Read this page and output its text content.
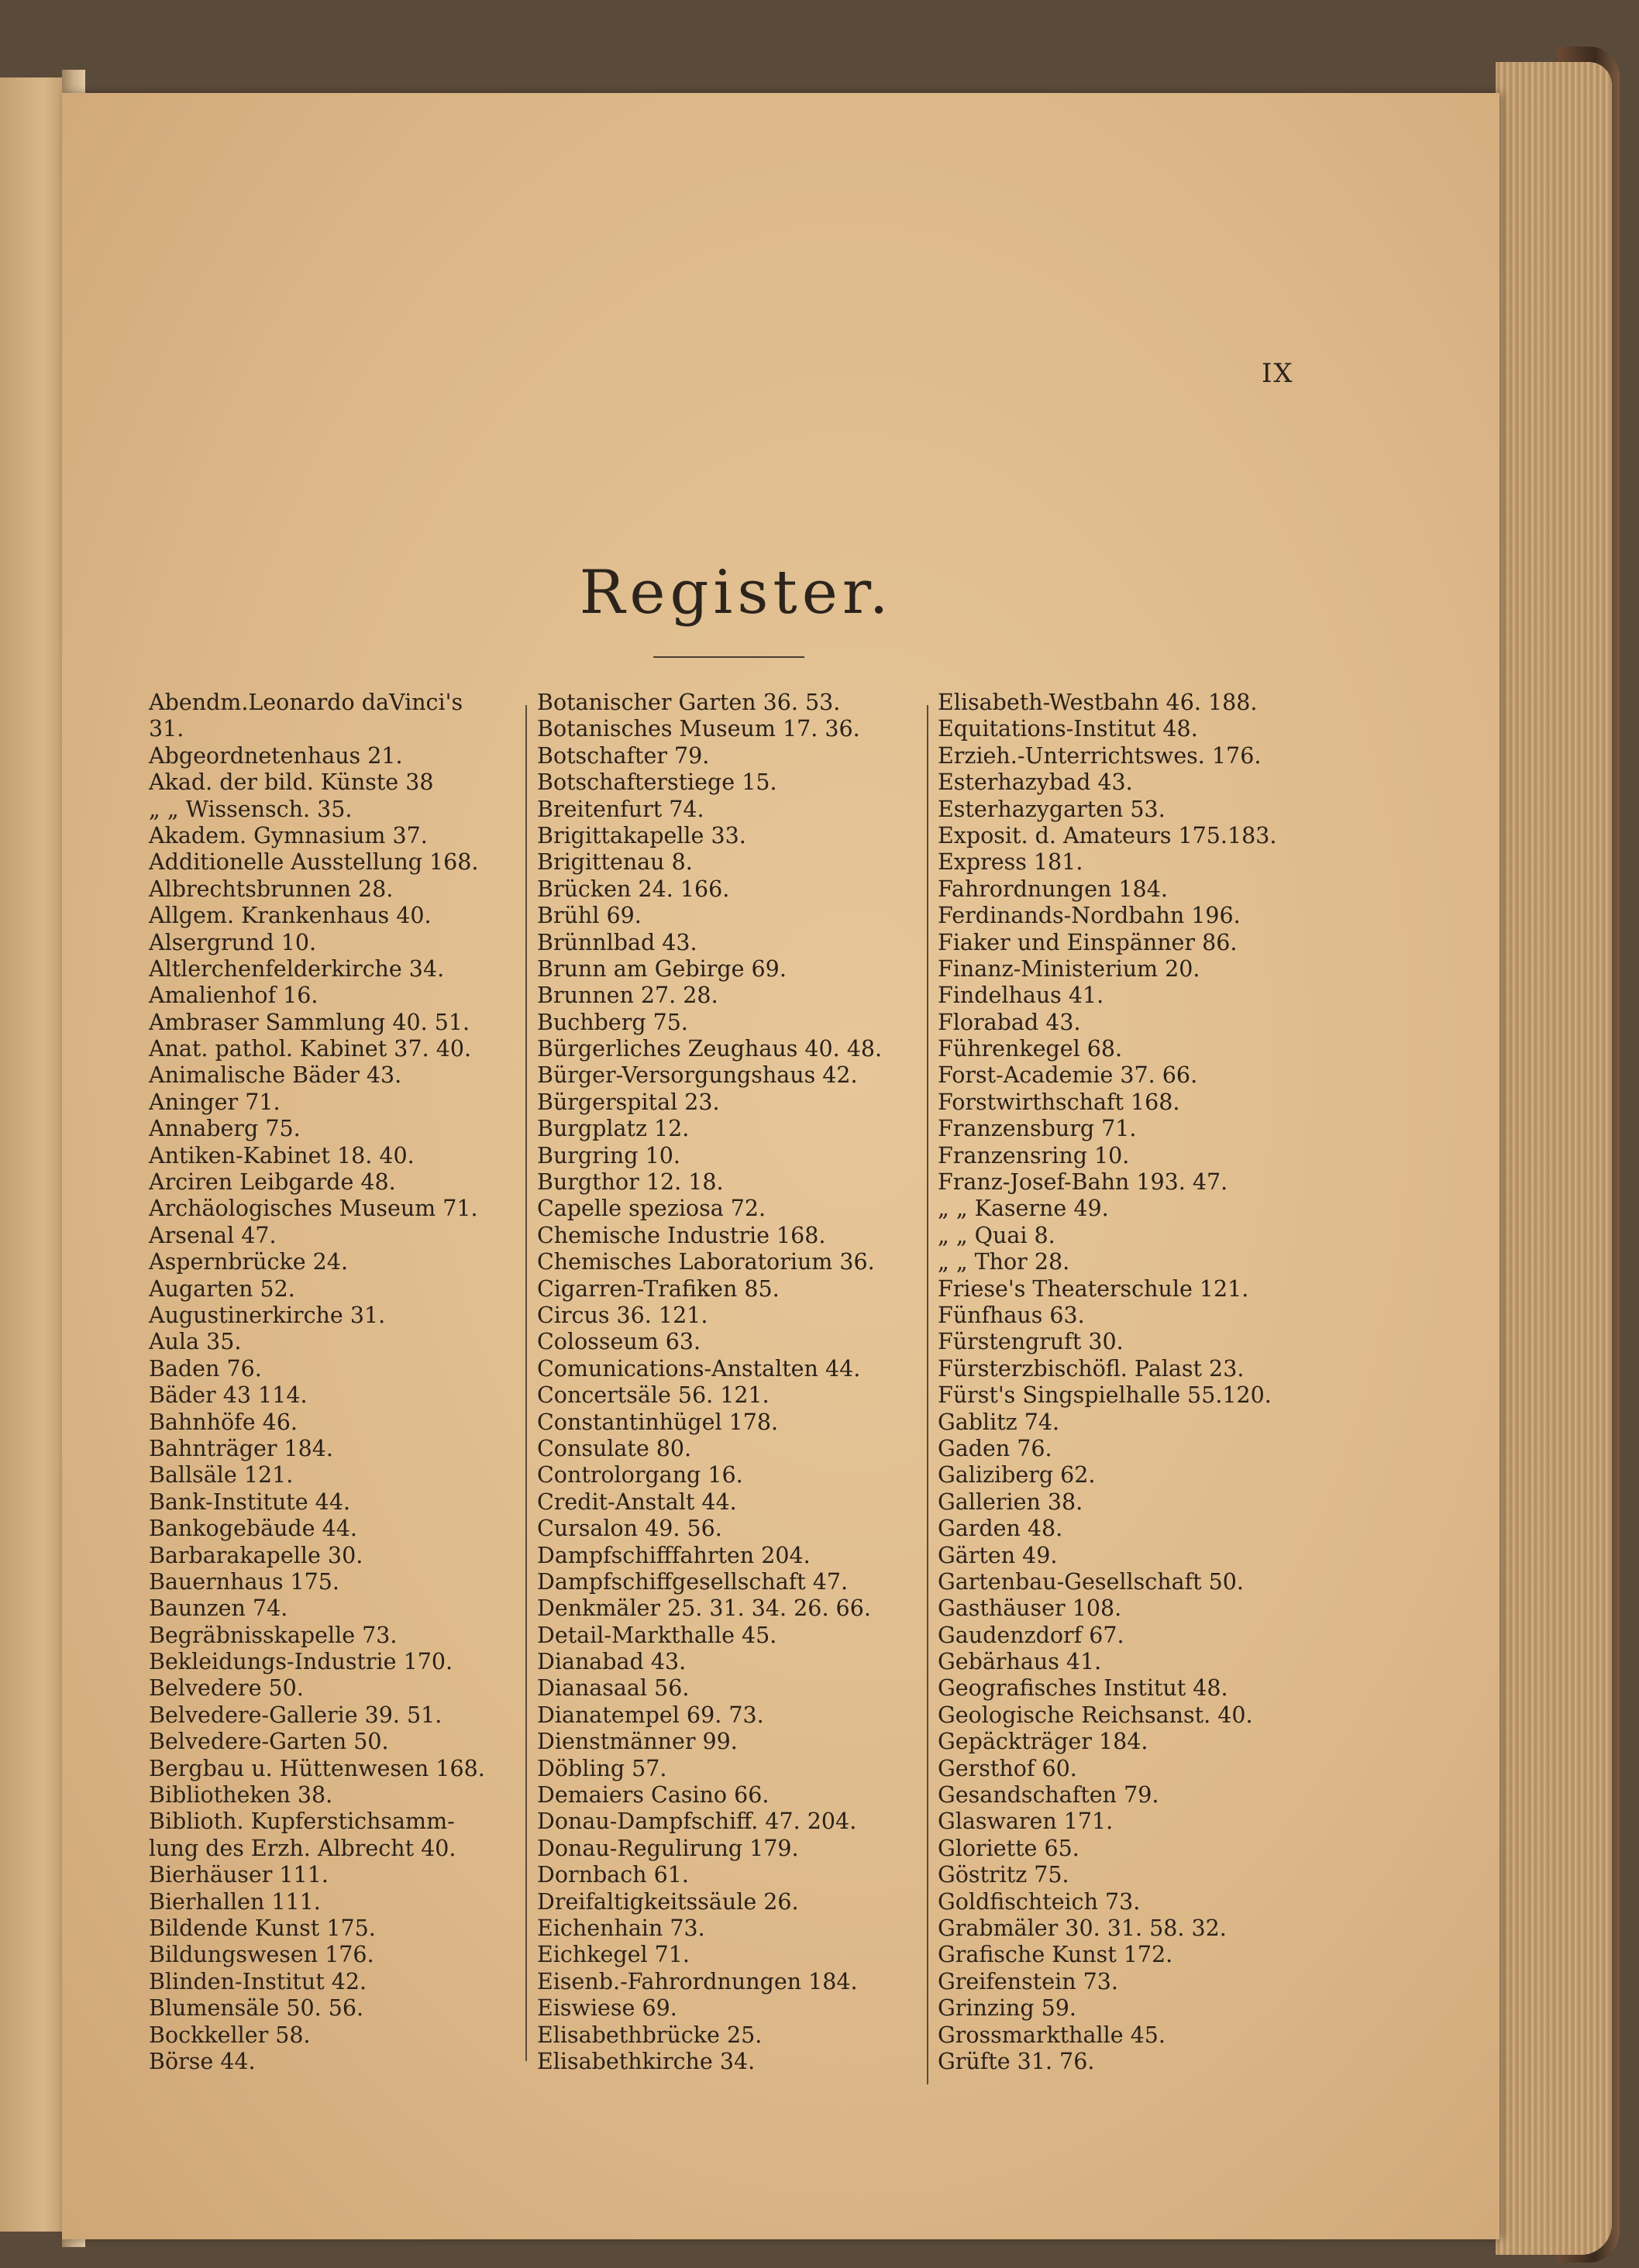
IX
Register.
Abendm.Leonardo daVinci's
31.
Abgeordnetenhaus 21.
Akad. der bild. Künste 38
„ „ Wissensch. 35.
Akadem. Gymnasium 37.
Additionelle Ausstellung 168.
Albrechtsbrunnen 28.
Allgem. Krankenhaus 40.
Alsergrund 10.
Altlerchenfelderkirche 34.
Amalienhof 16.
Ambraser Sammlung 40. 51.
Anat. pathol. Kabinet 37. 40.
Animalische Bäder 43.
Aninger 71.
Annaberg 75.
Antiken-Kabinet 18. 40.
Arciren Leibgarde 48.
Archäologisches Museum 71.
Arsenal 47.
Aspernbrücke 24.
Augarten 52.
Augustinerkirche 31.
Aula 35.
Baden 76.
Bäder 43 114.
Bahnhöfe 46.
Bahnträger 184.
Ballsäle 121.
Bank-Institute 44.
Bankogebäude 44.
Barbarakapelle 30.
Bauernhaus 175.
Baunzen 74.
Begräbnisskapelle 73.
Bekleidungs-Industrie 170.
Belvedere 50.
Belvedere-Gallerie 39. 51.
Belvedere-Garten 50.
Bergbau u. Hüttenwesen 168.
Bibliotheken 38.
Biblioth. Kupferstichsamm-
lung des Erzh. Albrecht 40.
Bierhäuser 111.
Bierhallen 111.
Bildende Kunst 175.
Bildungswesen 176.
Blinden-Institut 42.
Blumensäle 50. 56.
Bockkeller 58.
Börse 44.
Botanischer Garten 36. 53.
Botanisches Museum 17. 36.
Botschafter 79.
Botschafterstiege 15.
Breitenfurt 74.
Brigittakapelle 33.
Brigittenau 8.
Brücken 24. 166.
Brühl 69.
Brünnlbad 43.
Brunn am Gebirge 69.
Brunnen 27. 28.
Buchberg 75.
Bürgerliches Zeughaus 40. 48.
Bürger-Versorgungshaus 42.
Bürgerspital 23.
Burgplatz 12.
Burgring 10.
Burgthor 12. 18.
Capelle speziosa 72.
Chemische Industrie 168.
Chemisches Laboratorium 36.
Cigarren-Trafiken 85.
Circus 36. 121.
Colosseum 63.
Comunications-Anstalten 44.
Concertsäle 56. 121.
Constantinhügel 178.
Consulate 80.
Controlorgang 16.
Credit-Anstalt 44.
Cursalon 49. 56.
Dampfschifffahrten 204.
Dampfschiffgesellschaft 47.
Denkmäler 25. 31. 34. 26. 66.
Detail-Markthalle 45.
Dianabad 43.
Dianasaal 56.
Dianatempel 69. 73.
Dienstmänner 99.
Döbling 57.
Demaiers Casino 66.
Donau-Dampfschiff. 47. 204.
Donau-Regulirung 179.
Dornbach 61.
Dreifaltigkeitssäule 26.
Eichenhain 73.
Eichkegel 71.
Eisenb.-Fahrordnungen 184.
Eiswiese 69.
Elisabethbrücke 25.
Elisabethkirche 34.
Elisabeth-Westbahn 46. 188.
Equitations-Institut 48.
Erzieh.-Unterrichtswes. 176.
Esterhazybad 43.
Esterhazygarten 53.
Exposit. d. Amateurs 175.183.
Express 181.
Fahrordnungen 184.
Ferdinands-Nordbahn 196.
Fiaker und Einspänner 86.
Finanz-Ministerium 20.
Findelhaus 41.
Florabad 43.
Führenkegel 68.
Forst-Academie 37. 66.
Forstwirthschaft 168.
Franzensburg 71.
Franzensring 10.
Franz-Josef-Bahn 193. 47.
„ „ Kaserne 49.
„ „ Quai 8.
„ „ Thor 28.
Friese's Theaterschule 121.
Fünfhaus 63.
Fürstengruft 30.
Fürsterzbischöfl. Palast 23.
Fürst's Singspielhalle 55.120.
Gablitz 74.
Gaden 76.
Galiziberg 62.
Gallerien 38.
Garden 48.
Gärten 49.
Gartenbau-Gesellschaft 50.
Gasthäuser 108.
Gaudenzdorf 67.
Gebärhaus 41.
Geografisches Institut 48.
Geologische Reichsanst. 40.
Gepäckträger 184.
Gersthof 60.
Gesandschaften 79.
Glaswaren 171.
Gloriette 65.
Göstritz 75.
Goldfischteich 73.
Grabmäler 30. 31. 58. 32.
Grafische Kunst 172.
Greifenstein 73.
Grinzing 59.
Grossmarkthalle 45.
Grüfte 31. 76.
